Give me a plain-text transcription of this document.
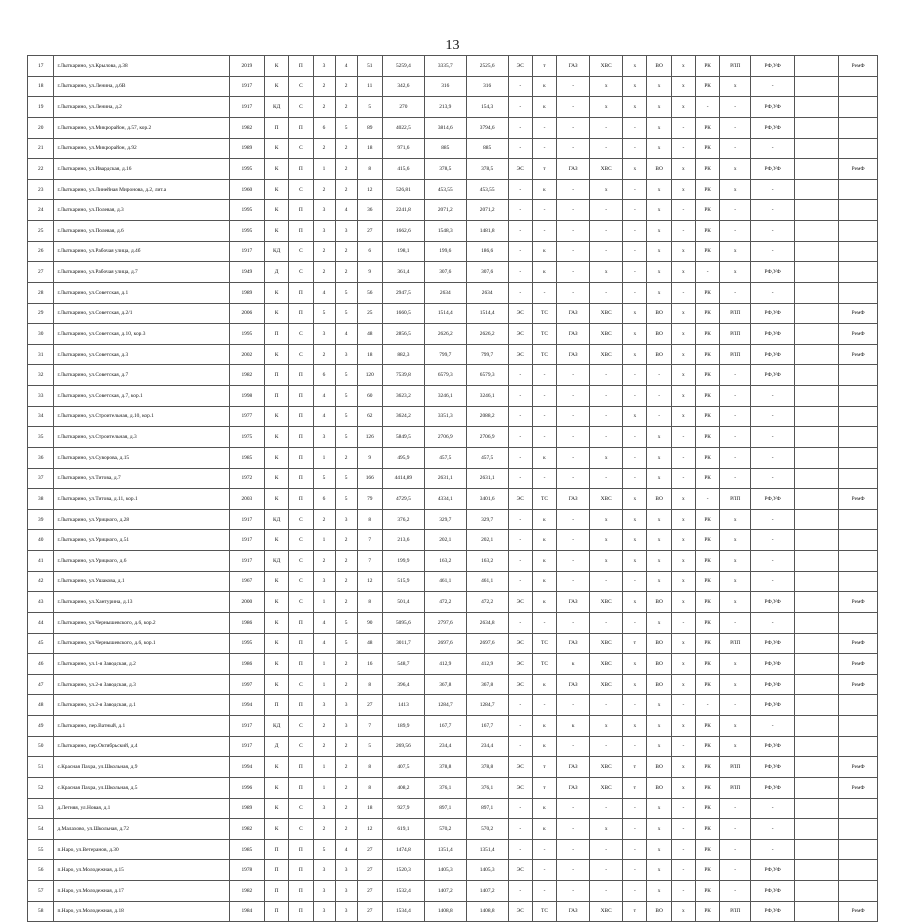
13
17	г.Лыткарино, ул.Крылова, д.38	2019	К	П	3	4	51	5259,4	3335,7	2525,6	ЭС	т	ГАЗ	ХВС	х	ВО	х	РК	РЛП	РФ,УФ		РемФ
18	г.Лыткарино, ул.Ленина, д.6В	1917	К	С	2	2	11	342,6	316	316	-	к	-	х	х	х	х	РК	х	-		
19	г.Лыткарино, ул.Ленина, д.2	1917	КД	С	2	2	5	270	213,9	154,3	-	к	-	х	х	х	х	-	-	РФ,УФ		
20	г.Лыткарино, ул.Микрорайон, д.57, кор.2	1982	П	П	6	5	89	4022,5	3814,6	3794,6	-	-	-	-	-	х	-	РК	-	РФ,УФ		
21	г.Лыткарино, ул.Микрорайон, д.92	1989	К	С	2	2	18	971,6	885	885	-	-	-	-	-	х	-	РК	-	-		
22	г.Лыткарино, ул.Ивардская, д.16	1995	К	П	1	2	8	415,6	378,5	378,5	ЭС	т	ГАЗ	ХВС	х	ВО	х	РК	х	РФ,УФ		РемФ
23	г.Лыткарино, ул.Линейная Миронова, д.2, лит.а	1960	К	С	2	2	12	526,81	453,55	453,55	-	к	-	х	-	х	х	РК	х	-		
24	г.Лыткарино, ул.Полевая, д.3	1995	К	П	3	4	36	2241,8	2071,2	2071,2	-	-	-	-	-	х	-	РК	-	-		
25	г.Лыткарино, ул.Полевая, д.6	1995	К	П	3	3	27	1662,6	1548,3	1481,8	-	-	-	-	-	х	-	РК	-	-		
26	г.Лыткарино, ул.Рабочая улица, д.4б	1917	КД	С	2	2	6	198,1	199,6	186,6	-	к	-	-	-	х	х	РК	х	-		
27	г.Лыткарино, ул.Рабочая улица, д.7	1949	Д	С	2	2	9	361,4	307,6	307,6	-	к	-	х	-	х	х	-	х	РФ,УФ		
28	г.Лыткарино, ул.Советская, д.1	1989	К	П	4	5	56	2947,5	2634	2634	-	-	-	-	-	х	-	РК	-	-		
29	г.Лыткарино, ул.Советская, д.2/1	2006	К	П	5	5	25	1660,5	1514,4	1514,4	ЭС	ТС	ГАЗ	ХВС	х	ВО	х	РК	РЛП	РФ,УФ		РемФ
30	г.Лыткарино, ул.Советская, д.10, кор.3	1995	П	С	3	4	48	2856,5	2626,2	2626,2	ЭС	ТС	ГАЗ	ХВС	х	ВО	х	РК	РЛП	РФ,УФ		РемФ
31	г.Лыткарино, ул.Советская, д.3	2002	К	С	2	3	18	882,3	799,7	799,7	ЭС	ТС	ГАЗ	ХВС	х	ВО	х	РК	РЛП	РФ,УФ		РемФ
32	г.Лыткарино, ул.Советская, д.7	1982	П	П	6	5	120	7539,8	6579,3	6579,3	-	-	-	-	-	-	х	РК	-	РФ,УФ		
33	г.Лыткарино, ул.Советская, д.7, кор.1	1998	П	П	4	5	60	3623,2	3246,1	3246,1	-	-	-	-	-	-	х	РК	-	-		
34	г.Лыткарино, ул.Строительная, д.10, кор.1	1977	К	П	4	5	62	3624,2	3351,3	2088,2	-	-	-	-	х	-	х	РК	-	-		
35	г.Лыткарино, ул.Строительная, д.3	1975	К	П	3	5	126	5849,5	2706,9	2706,9	-	-	-	-	-	х	-	РК	-	-		
36	г.Лыткарино, ул.Суворова, д.15	1985	К	П	1	2	9	495,9	457,5	457,5	-	к	-	х	-	х	-	РК	-	-		
37	г.Лыткарино, ул.Титова, д.7	1972	К	П	5	5	166	4414,89	2631,1	2631,1	-	-	-	-	-	х	-	РК	-	-		
38	г.Лыткарино, ул.Титова, д.11, кор.1	2003	К	П	6	5	79	4729,5	4334,1	3401,6	ЭС	ТС	ГАЗ	ХВС	х	ВО	х	-	РЛП	РФ,УФ		РемФ
39	г.Лыткарино, ул.Урицкого, д.28	1917	КД	С	2	3	8	376,2	329,7	329,7	-	к	-	х	х	х	х	РК	х	-		
40	г.Лыткарино, ул.Урицкого, д.51	1917	К	С	1	2	7	213,6	202,1	202,1	-	к	-	х	х	х	х	РК	х	-		
41	г.Лыткарино, ул.Урицкого, д.6	1917	КД	С	2	2	7	199,9	163,2	163,2	-	к	-	х	х	х	х	РК	х	-		
42	г.Лыткарино, ул.Ушакова, д.1	1967	К	С	3	2	12	515,9	461,1	461,1	-	к	-	-	-	х	х	РК	х	-		
43	г.Лыткарино, ул.Хантурина, д.13	2000	К	С	1	2	8	501,4	472,2	472,2	ЭС	к	ГАЗ	ХВС	х	ВО	х	РК	х	РФ,УФ		РемФ
44	г.Лыткарино, ул.Чернышевского, д.6, кор.2	1986	К	П	4	5	90	5095,6	2797,6	2634,8	-	-	-	-	-	х	-	РК	-	-		
45	г.Лыткарино, ул.Чернышевского, д.6, кор.1	1995	К	П	4	5	48	3011,7	2697,6	2697,6	ЭС	ТС	ГАЗ	ХВС	т	ВО	х	РК	РЛП	РФ,УФ		РемФ
46	г.Лыткарино, ул.1-я Заводская, д.2	1986	К	П	1	2	16	548,7	412,9	412,9	ЭС	ТС	к	ХВС	х	ВО	х	РК	х	РФ,УФ		РемФ
47	г.Лыткарино, ул.2-я Заводская, д.3	1997	К	С	1	2	8	396,4	367,8	367,8	ЭС	к	ГАЗ	ХВС	х	ВО	х	РК	х	РФ,УФ		РемФ
48	г.Лыткарино, ул.2-я Заводская, д.1	1994	П	П	3	3	27	1413	1284,7	1284,7	-	-	-	-	-	х	-	-	-	РФ,УФ		
49	г.Лыткарино, пер.Ватный, д.1	1917	КД	С	2	3	7	189,9	167,7	167,7	-	к	к	х	х	х	х	РК	х	-		
50	г.Лыткарино, пер.Октябрьский, д.4	1917	Д	С	2	2	5	269,56	234,4	234,4	-	к	-	-	-	х	-	РК	х	РФ,УФ		
51	с.Красная Пахра, ул.Школьная, д.9	1994	К	П	1	2	8	407,5	378,8	378,8	ЭС	т	ГАЗ	ХВС	т	ВО	х	РК	РЛП	РФ,УФ		РемФ
52	с.Красная Пахра, ул.Школьная, д.5	1996	К	П	1	2	8	408,2	376,1	376,1	ЭС	т	ГАЗ	ХВС	т	ВО	х	РК	РЛП	РФ,УФ		РемФ
53	д.Летняя, ул.Новая, д.1	1989	К	С	3	2	18	927,9	897,1	897,1	-	к	-	-	-	х	-	РК	-	-		
54	д.Малахово, ул.Школьная, д.72	1982	К	С	2	2	12	619,1	570,2	570,2	-	к	-	х	-	х	-	РК	-	-		
55	п.Наро, ул.Ветеранов, д.30	1985	П	П	5	4	27	1474,8	1351,4	1351,4	-	-	-	-	-	х	-	РК	-	-		
56	п.Наро, ул.Молодежная, д.15	1978	П	П	3	3	27	1520,3	1405,3	1405,3	ЭС	-	-	-	-	х	-	РК	-	РФ,УФ		
57	п.Наро, ул.Молодежная, д.17	1982	П	П	3	3	27	1532,4	1407,2	1407,2	-	-	-	-	-	х	-	РК	-	РФ,УФ		
58	п.Наро, ул.Молодежная, д.18	1984	П	П	3	3	27	1534,4	1408,8	1408,8	ЭС	ТС	ГАЗ	ХВС	т	ВО	х	РК	РЛП	РФ,УФ		РемФ
